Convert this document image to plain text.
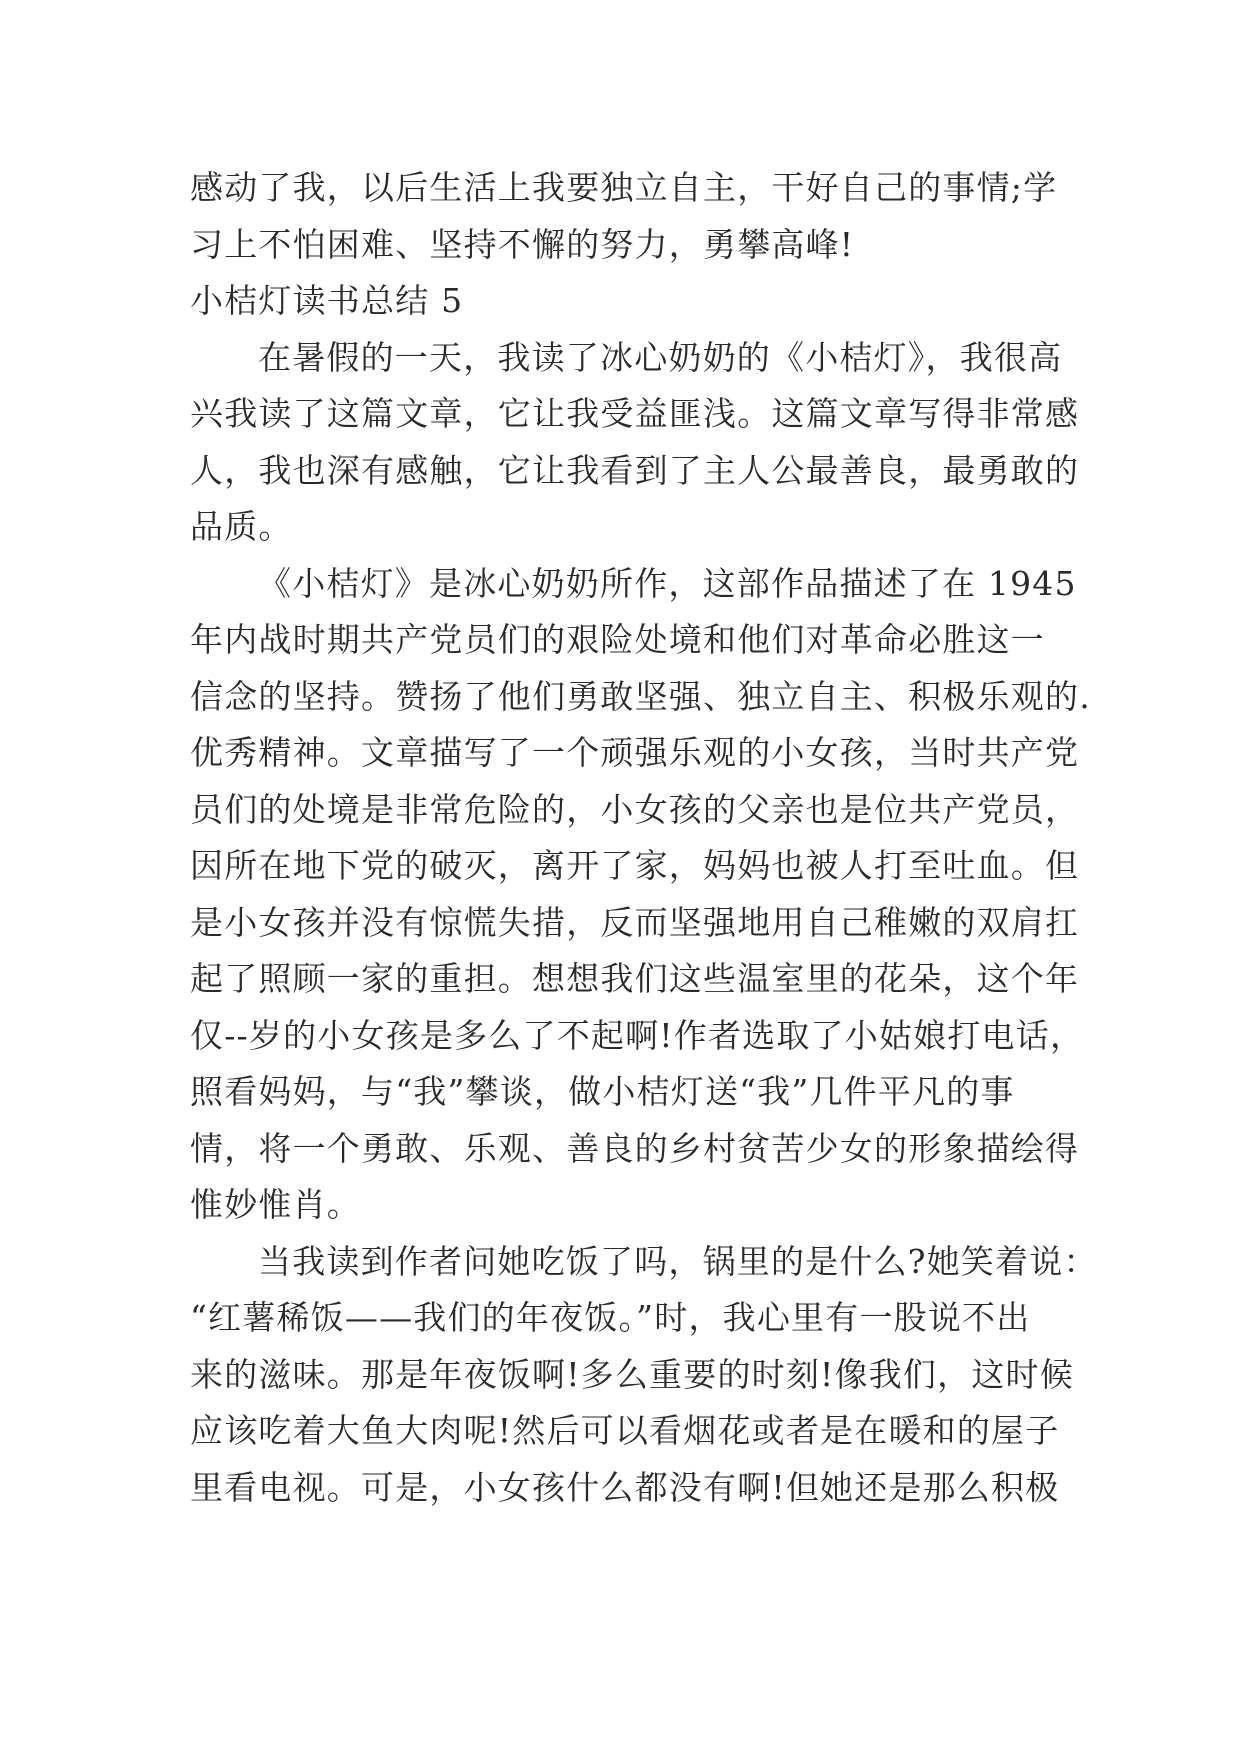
感动了我，以后生活上我要独立自主，干好自己的事情;学
习上不怕困难、坚持不懈的努力，勇攀高峰!
小桔灯读书总结 5
在暑假的一天，我读了冰心奶奶的《小桔灯》，我很高
兴我读了这篇文章，它让我受益匪浅。这篇文章写得非常感
人，我也深有感触，它让我看到了主人公最善良，最勇敢的
品质。
《小桔灯》是冰心奶奶所作，这部作品描述了在 1945
年内战时期共产党员们的艰险处境和他们对革命必胜这一
信念的坚持。赞扬了他们勇敢坚强、独立自主、积极乐观的.
优秀精神。文章描写了一个顽强乐观的小女孩，当时共产党
员们的处境是非常危险的，小女孩的父亲也是位共产党员，
因所在地下党的破灭，离开了家，妈妈也被人打至吐血。但
是小女孩并没有惊慌失措，反而坚强地用自己稚嫩的双肩扛
起了照顾一家的重担。想想我们这些温室里的花朵，这个年
仅--岁的小女孩是多么了不起啊!作者选取了小姑娘打电话，
照看妈妈，与“我”攀谈，做小桔灯送“我”几件平凡的事
情，将一个勇敢、乐观、善良的乡村贫苦少女的形象描绘得
惟妙惟肖。
当我读到作者问她吃饭了吗，锅里的是什么?她笑着说：
“红薯稀饭——我们的年夜饭。”时，我心里有一股说不出
来的滋味。那是年夜饭啊!多么重要的时刻!像我们，这时候
应该吃着大鱼大肉呢!然后可以看烟花或者是在暖和的屋子
里看电视。可是，小女孩什么都没有啊!但她还是那么积极
